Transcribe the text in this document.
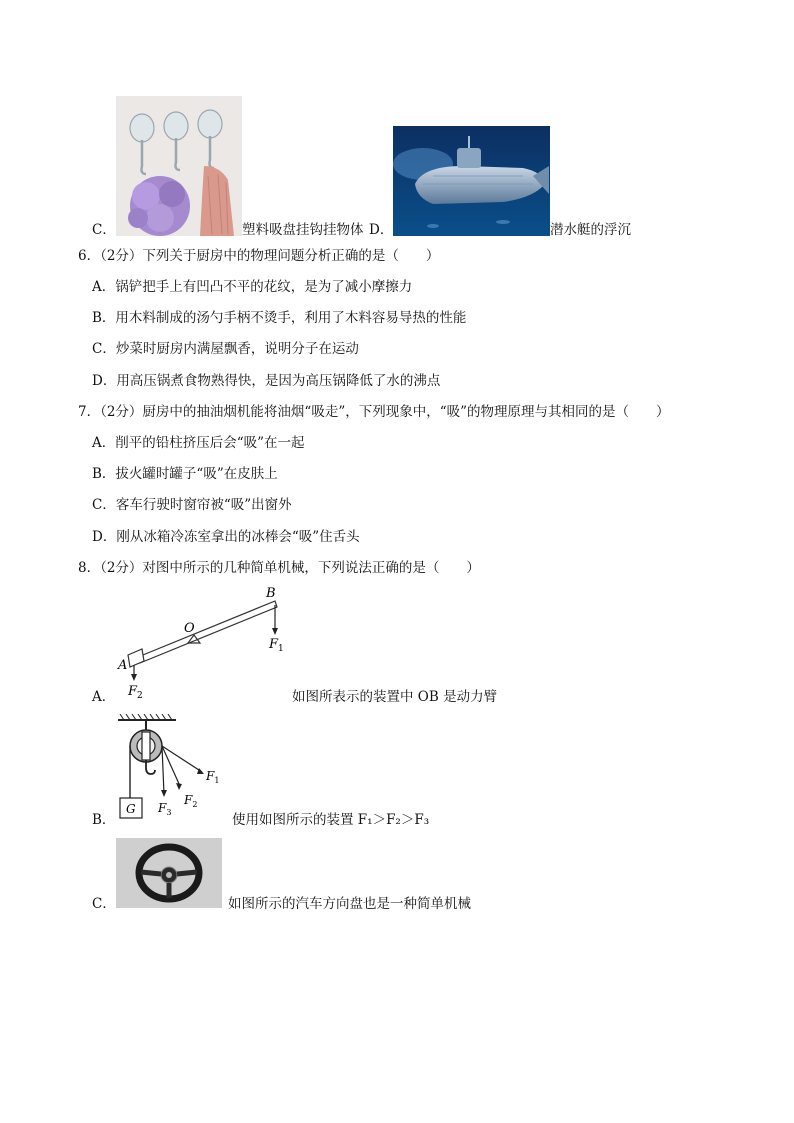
C．	塑料吸盘挂钩挂物体 D．	潜水艇的浮沉
6．（2分）下列关于厨房中的物理问题分析正确的是（　　）
A．锅铲把手上有凹凸不平的花纹，是为了减小摩擦力
B．用木料制成的汤勺手柄不烫手，利用了木料容易导热的性能
C．炒菜时厨房内满屋飘香，说明分子在运动
D．用高压锅煮食物熟得快，是因为高压锅降低了水的沸点
7．（2分）厨房中的抽油烟机能将油烟“吸走”，下列现象中，“吸”的物理原理与其相同的是（　　）
A．削平的铅柱挤压后会“吸”在一起
B．拔火罐时罐子“吸”在皮肤上
C．客车行驶时窗帘被“吸”出窗外
D．刚从冰箱冷冻室拿出的冰棒会“吸”住舌头
8．（2分）对图中所示的几种简单机械，下列说法正确的是（　　）
B
O
A
$F_1$
$F_2$
A．	如图所表示的装置中 OB 是动力臂
G
$F_1$
$F_2$
$F_3$
B．	使用如图所示的装置 F₁＞F₂＞F₃
C．	如图所示的汽车方向盘也是一种简单机械
